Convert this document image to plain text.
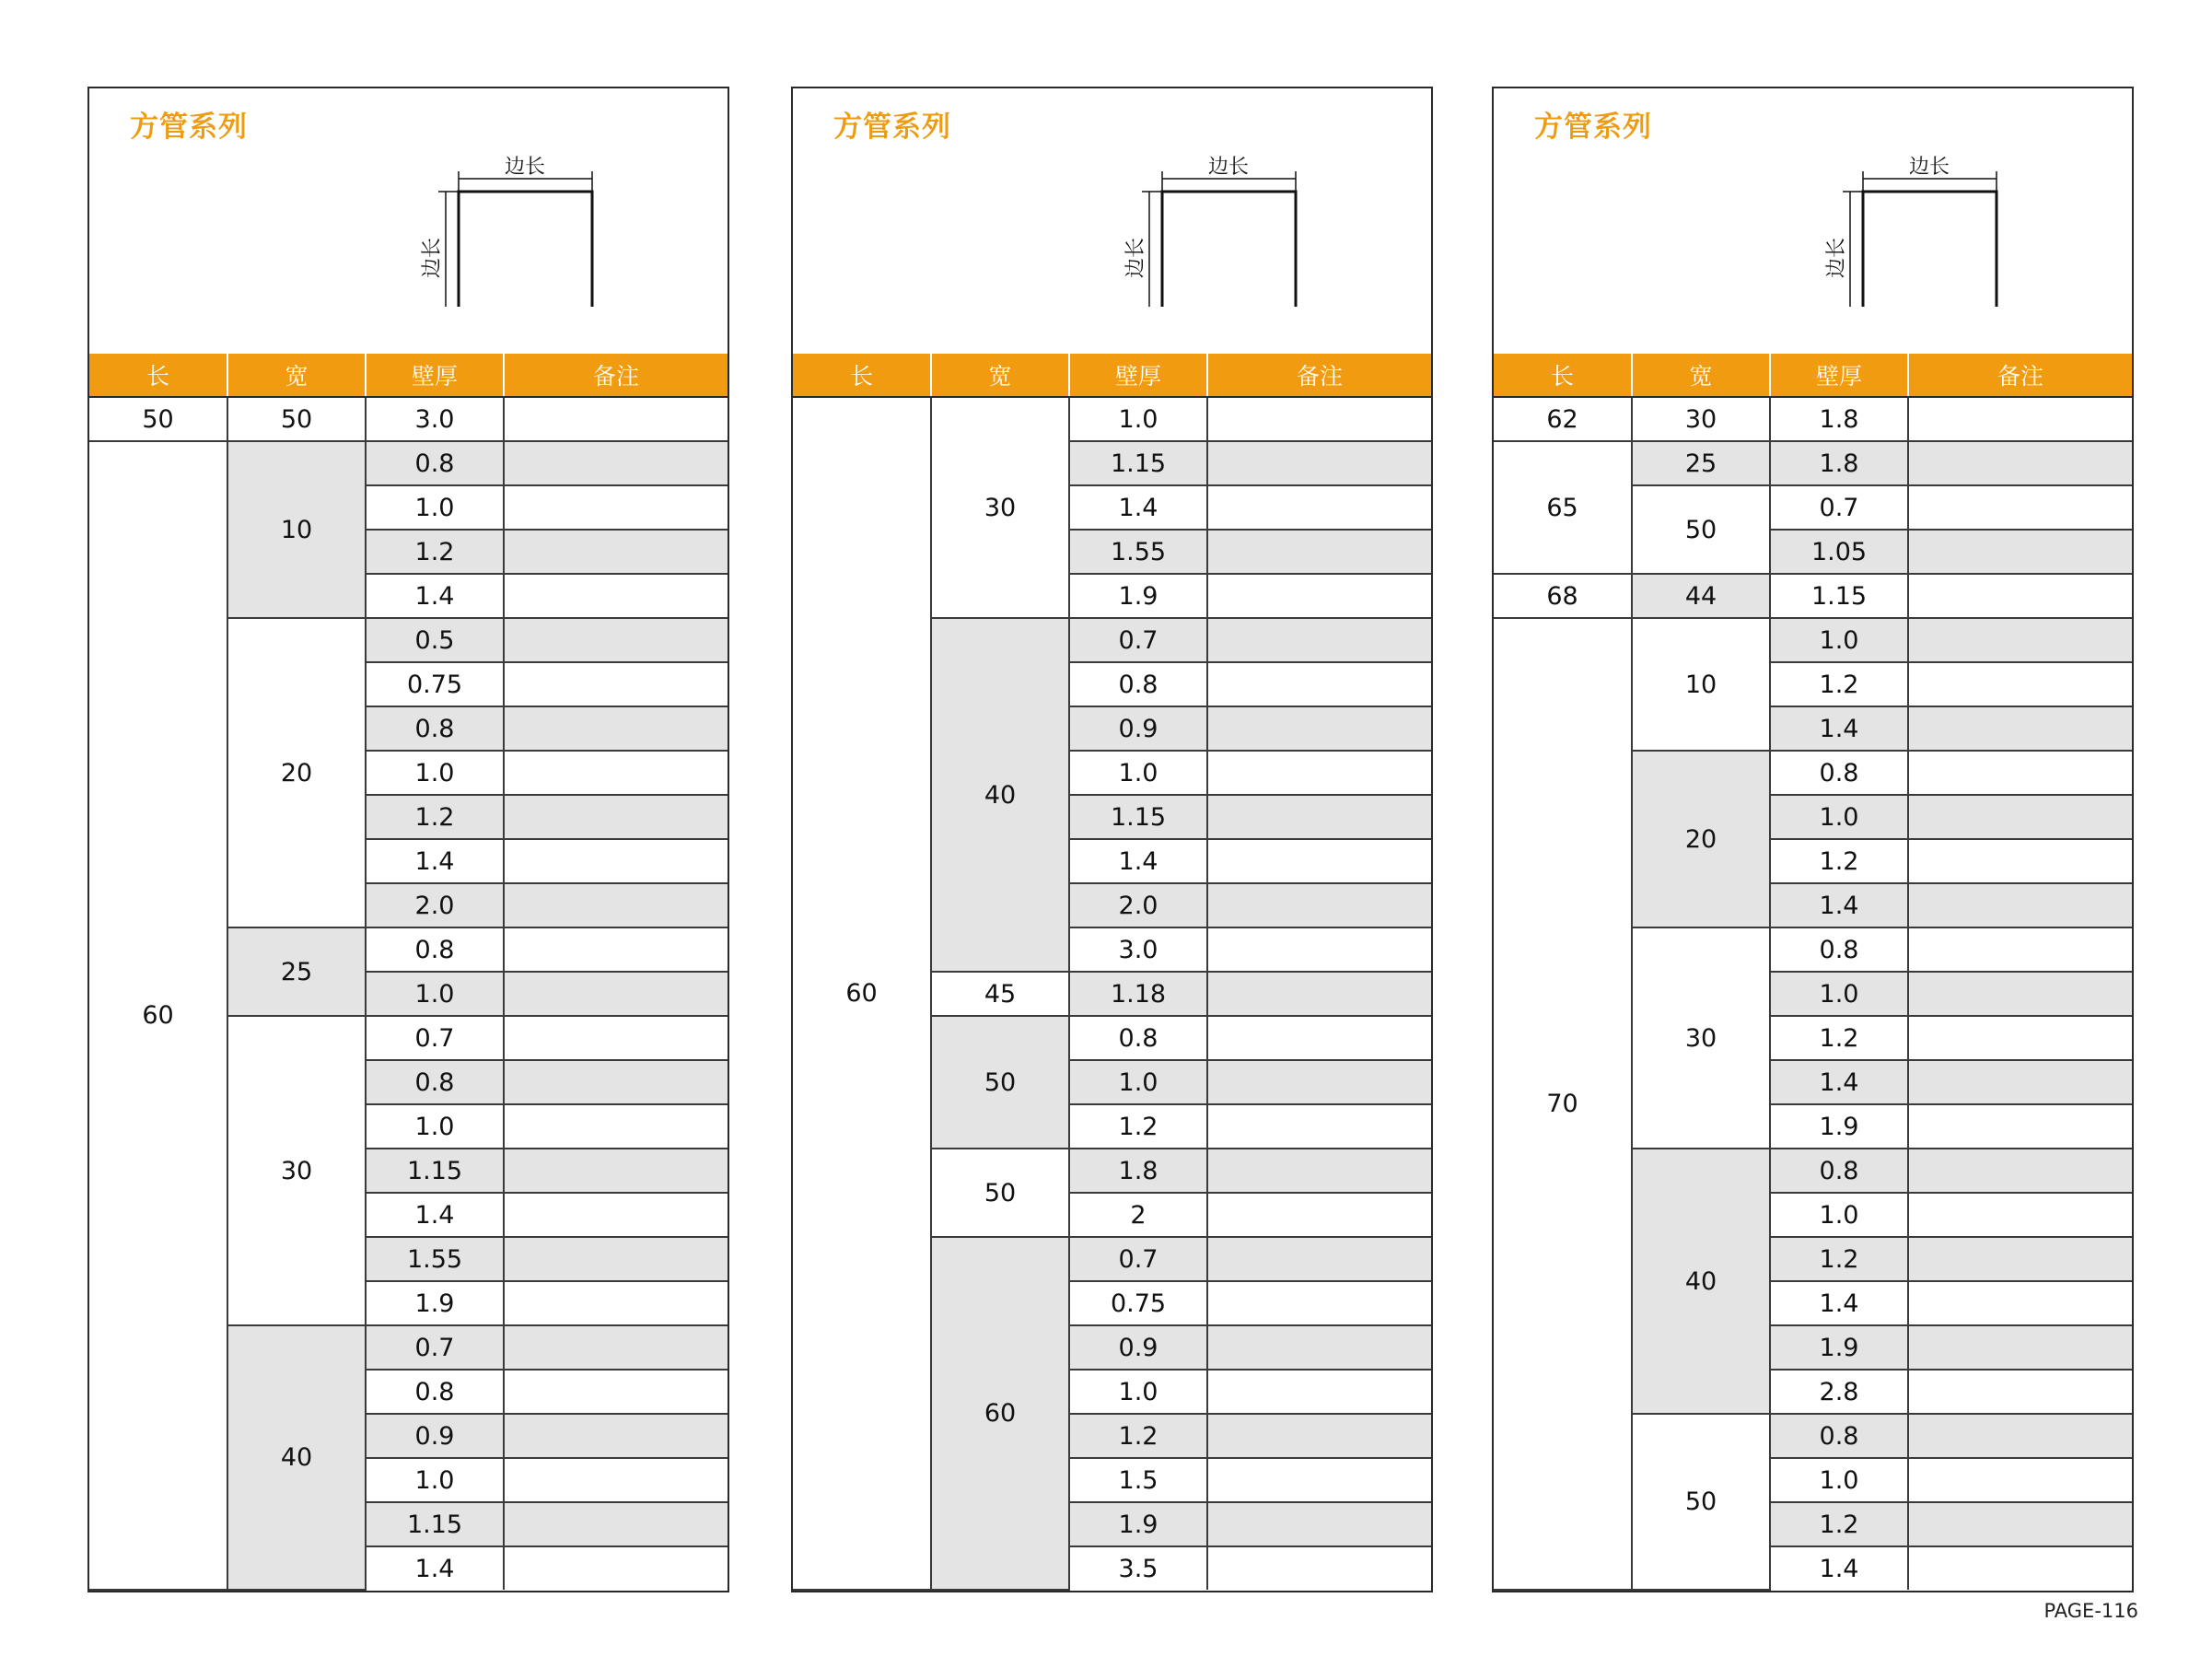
方管系列
边长
边长
长	宽	壁厚	备注
50	50	3.0	
60	10	0.8	
		1.0	
		1.2	
		1.4	
	20	0.5	
		0.75	
		0.8	
		1.0	
		1.2	
		1.4	
		2.0	
	25	0.8	
		1.0	
	30	0.7	
		0.8	
		1.0	
		1.15	
		1.4	
		1.55	
		1.9	
	40	0.7	
		0.8	
		0.9	
		1.0	
		1.15	
		1.4	
方管系列
边长
边长
长	宽	壁厚	备注
60	30	1.0	
		1.15	
		1.4	
		1.55	
		1.9	
	40	0.7	
		0.8	
		0.9	
		1.0	
		1.15	
		1.4	
		2.0	
		3.0	
	45	1.18	
	50	0.8	
		1.0	
		1.2	
	50	1.8	
		2	
	60	0.7	
		0.75	
		0.9	
		1.0	
		1.2	
		1.5	
		1.9	
		3.5	
方管系列
边长
边长
长	宽	壁厚	备注
62	30	1.8	
65	25	1.8	
	50	0.7	
		1.05	
68	44	1.15	
70	10	1.0	
		1.2	
		1.4	
	20	0.8	
		1.0	
		1.2	
		1.4	
	30	0.8	
		1.0	
		1.2	
		1.4	
		1.9	
	40	0.8	
		1.0	
		1.2	
		1.4	
		1.9	
		2.8	
	50	0.8	
		1.0	
		1.2	
		1.4	
PAGE-116
